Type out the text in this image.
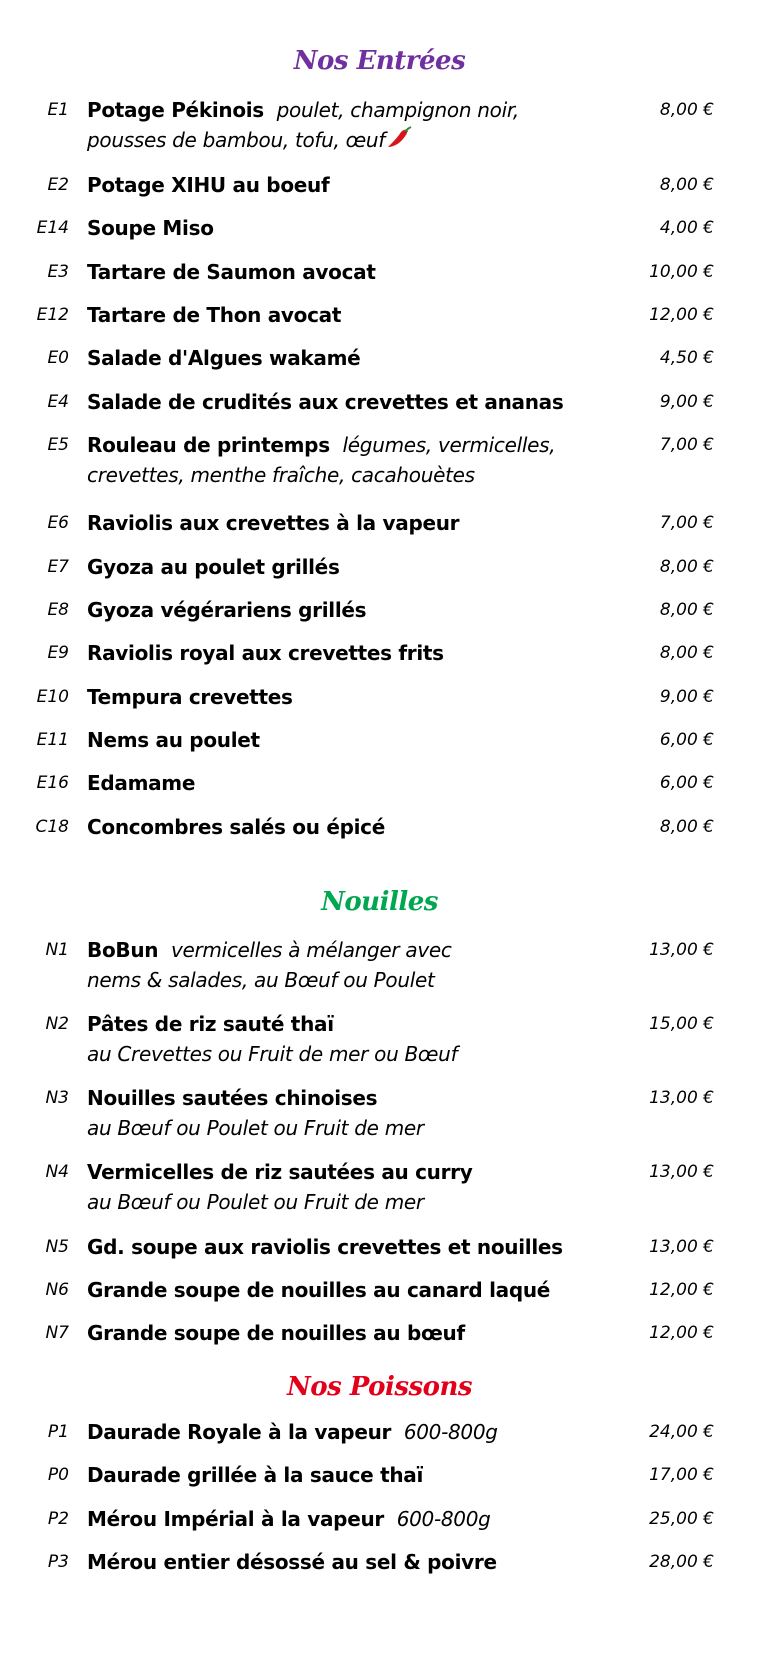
Nos Entrées
Nouilles
Nos Poissons
E1 Potage Pékinois poulet, champignon noir,
pousses de bambou, tofu, œuf
8,00 €
E2 Potage XIHU au boeuf	8,00 €
E14 Soupe Miso	4,00 €
E3 Tartare de Saumon avocat	10,00 €
E12 Tartare de Thon avocat	12,00 €
E0 Salade d'Algues wakamé	4,50 €
E4 Salade de crudités aux crevettes et ananas	9,00 €
E5 Rouleau de printemps légumes, vermicelles,
crevettes, menthe fraîche, cacahouètes
7,00 €
E6 Raviolis aux crevettes à la vapeur	7,00 €
E7 Gyoza au poulet grillés	8,00 €
E8 Gyoza végérariens grillés	8,00 €
E9 Raviolis royal aux crevettes frits	8,00 €
E10 Tempura crevettes	9,00 €
E11 Nems au poulet	6,00 €
E16 Edamame	6,00 €
C18 Concombres salés ou épicé	8,00 €
N1 BoBun vermicelles à mélanger avec
nems & salades, au Bœuf ou Poulet
13,00 €
N2 Pâtes de riz sauté thaï
au Crevettes ou Fruit de mer ou Bœuf
15,00 €
N3 Nouilles sautées chinoises
au Bœuf ou Poulet ou Fruit de mer
13,00 €
N4 Vermicelles de riz sautées au curry
au Bœuf ou Poulet ou Fruit de mer
13,00 €
N5 Gd. soupe aux raviolis crevettes et nouilles	13,00 €
N6 Grande soupe de nouilles au canard laqué	12,00 €
N7 Grande soupe de nouilles au bœuf	12,00 €
P1 Daurade Royale à la vapeur 600-800g	24,00 €
P0 Daurade grillée à la sauce thaï	17,00 €
P2 Mérou Impérial à la vapeur 600-800g	25,00 €
P3 Mérou entier désossé au sel & poivre	28,00 €
